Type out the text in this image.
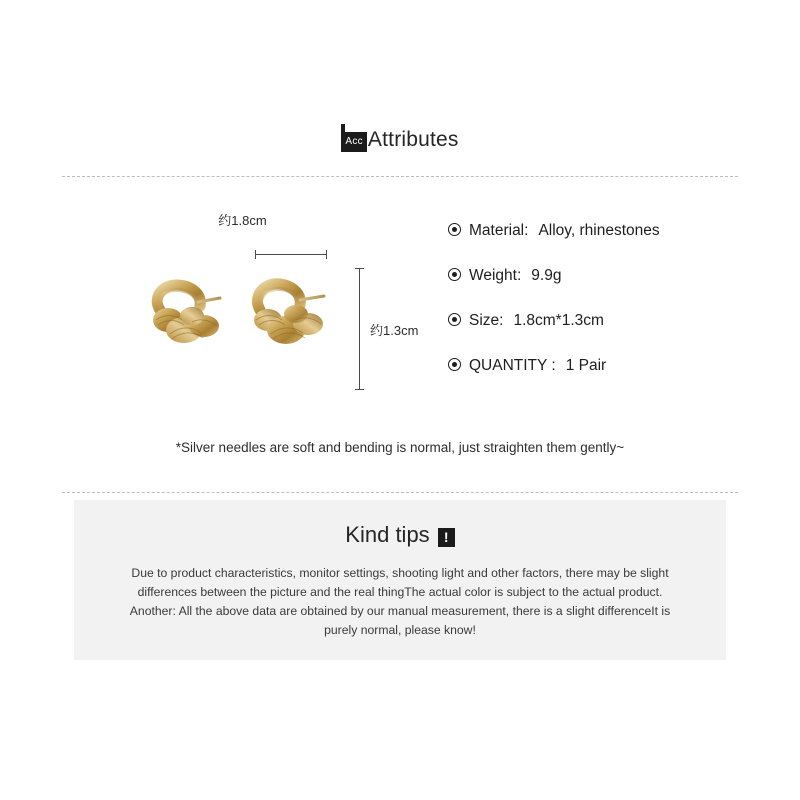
Acc Attributes
约1.8cm
约1.3cm
Material: Alloy, rhinestones
Weight: 9.9g
Size: 1.8cm*1.3cm
QUANTITY : 1 Pair
*Silver needles are soft and bending is normal, just straighten them gently~
Kind tips	!
Due to product characteristics, monitor settings, shooting light and other factors, there may be slight differences between the picture and the real thingThe actual color is subject to the actual product. Another: All the above data are obtained by our manual measurement, there is a slight differenceIt is purely normal, please know!
